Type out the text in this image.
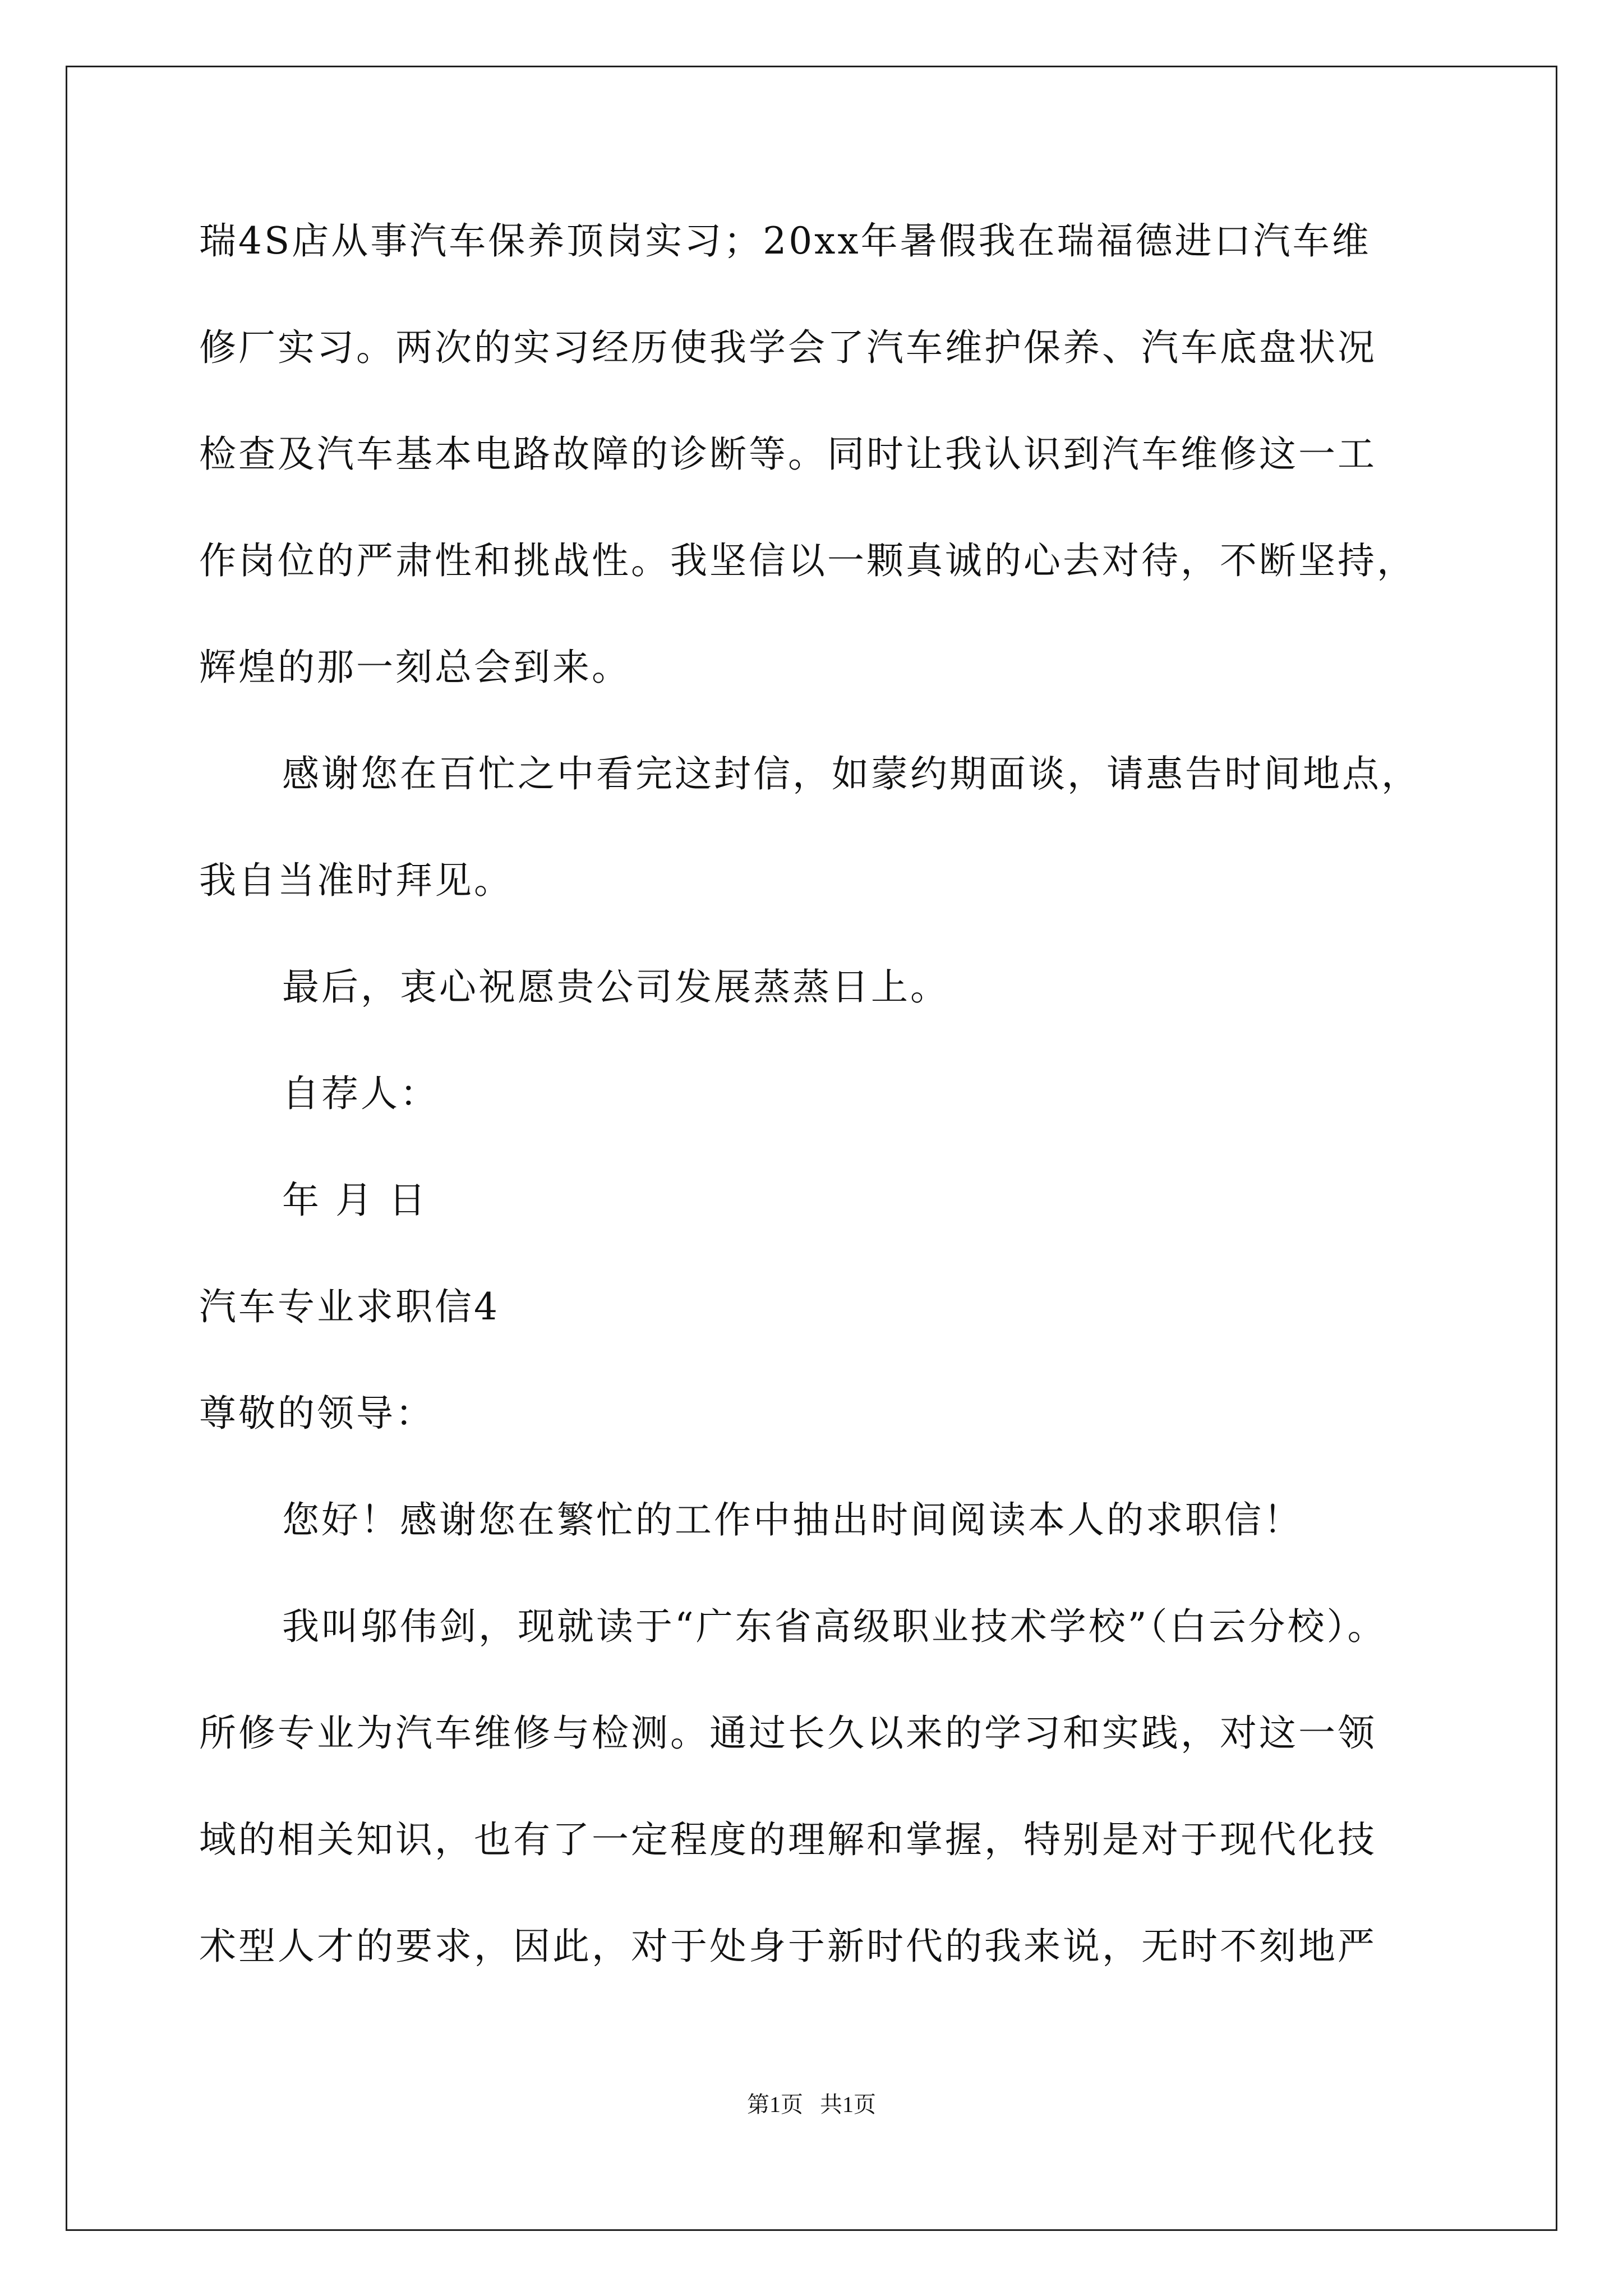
瑞4S店从事汽车保养顶岗实习；20xx年暑假我在瑞福德进口汽车维
修厂实习。两次的实习经历使我学会了汽车维护保养、汽车底盘状况
检查及汽车基本电路故障的诊断等。同时让我认识到汽车维修这一工
作岗位的严肃性和挑战性。我坚信以一颗真诚的心去对待，不断坚持，
辉煌的那一刻总会到来。
感谢您在百忙之中看完这封信，如蒙约期面谈，请惠告时间地点，
我自当准时拜见。
最后，衷心祝愿贵公司发展蒸蒸日上。
自荐人：
年 月 日
汽车专业求职信4
尊敬的领导：
您好！感谢您在繁忙的工作中抽出时间阅读本人的求职信！
我叫邬伟剑，现就读于“广东省高级职业技术学校”（白云分校）。
所修专业为汽车维修与检测。通过长久以来的学习和实践，对这一领
域的相关知识，也有了一定程度的理解和掌握，特别是对于现代化技
术型人才的要求，因此，对于处身于新时代的我来说，无时不刻地严
第1页   共1页
